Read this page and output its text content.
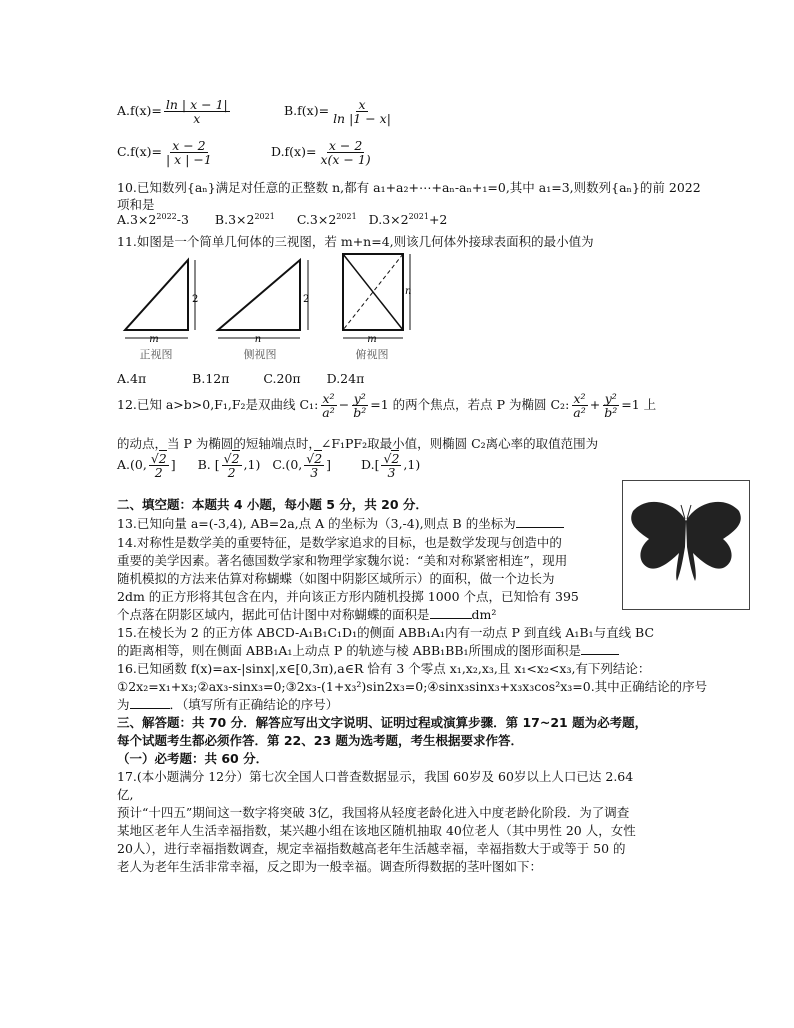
$A.f(x)= \frac{\ln | x - 1|}{x}$	$B.f(x)= \frac{x}{\ln |1 - x|}$
$C.f(x)= \frac{x - 2}{| x | -1}$	$D.f(x)= \frac{x - 2}{x(x - 1)}$
10.已知数列{aₙ}满足对任意的正整数 n,都有 a₁+a₂+⋯+aₙ-aₙ+₁=0,其中 a₁=3,则数列{aₙ}的前 2022
项和是
$A.3\times 2^{2022}-3$ $B.3\times 2^{2021}$ $C.3\times 2^{2021}$ $D.3\times 2^{2021}+2$
11.如图是一个简单几何体的三视图，若 m+n=4,则该几何体外接球表面积的最小值为
m
2
正视图
n
2
侧视图
m
n
俯视图
A.4π	B.12π	C.20π D.24π
12.已知 a>b>0,F₁,F₂是双曲线 C₁: $\frac{\text{x²}}{\text{a²}} - \frac{\text{y²}}{\text{b²}} =1$ 的两个焦点，若点 P 为椭圆 C₂: $\frac{\text{x²}}{\text{a²}} + \frac{\text{y²}}{\text{b²}} =1$ 上
的动点，当 P 为椭圆的短轴端点时，∠F₁PF₂取最小值，则椭圆 C₂离心率的取值范围为
A.(0, $\frac{√2}{2}$ ] B. [ $\frac{√2}{2} ,1$) C.(0, $\frac{√2}{3}$ ] $D.[ \frac{√2}{3} ,1)$
二、填空题：本题共 4 小题，每小题 5 分，共 20 分．
13.已知向量 a=(-3,4), AB=2a,点 A 的坐标为（3,-4),则点 B 的坐标为
14.对称性是数学美的重要特征，是数学家追求的目标，也是数学发现与创造中的
重要的美学因素。著名德国数学家和物理学家魏尔说：“美和对称紧密相连”，现用
随机模拟的方法来估算对称蝴蝶（如图中阴影区域所示）的面积，做一个边长为
2dm 的正方形将其包含在内，并向该正方形内随机投掷 1000 个点，已知恰有 395
个点落在阴影区域内，据此可估计图中对称蝴蝶的面积是	dm²
15.在棱长为 2 的正方体 ABCD-A₁B₁C₁D₁的侧面 ABB₁A₁内有一动点 P 到直线 A₁B₁与直线 BC
的距离相等，则在侧面 ABB₁A₁上动点 P 的轨迹与棱 ABB₁BB₁所围成的图形面积是
16.已知函数 f(x)=ax-|sinx|,x∈[0,3π),a∈R 恰有 3 个零点 x₁,x₂,x₃,且 x₁<x₂<x₃,有下列结论：
①2x₂=x₁+x₃;②ax₃-sinx₃=0;③2x₃-(1+x₃²)sin2x₃=0;④sinx₃sinx₃+x₃x₃cos²x₃=0.其中正确结论的序号
为	．（填写所有正确结论的序号）
三、解答题：共 70 分．解答应写出文字说明、证明过程或演算步骤．第 17~21 题为必考题，
每个试题考生都必须作答．第 22、23 题为选考题，考生根据要求作答．
（一）必考题：共 60 分．
17.(本小题满分 12分）第七次全国人口普查数据显示，我国 60岁及 60岁以上人口已达 2.64
亿,
预计“十四五”期间这一数字将突破 3亿，我国将从轻度老龄化进入中度老龄化阶段．为了调查
某地区老年人生活幸福指数，某兴趣小组在该地区随机抽取 40位老人（其中男性 20 人，女性
20人），进行幸福指数调查，规定幸福指数越高老年生活越幸福，幸福指数大于或等于 50 的
老人为老年生活非常幸福，反之即为一般幸福。调查所得数据的茎叶图如下：
